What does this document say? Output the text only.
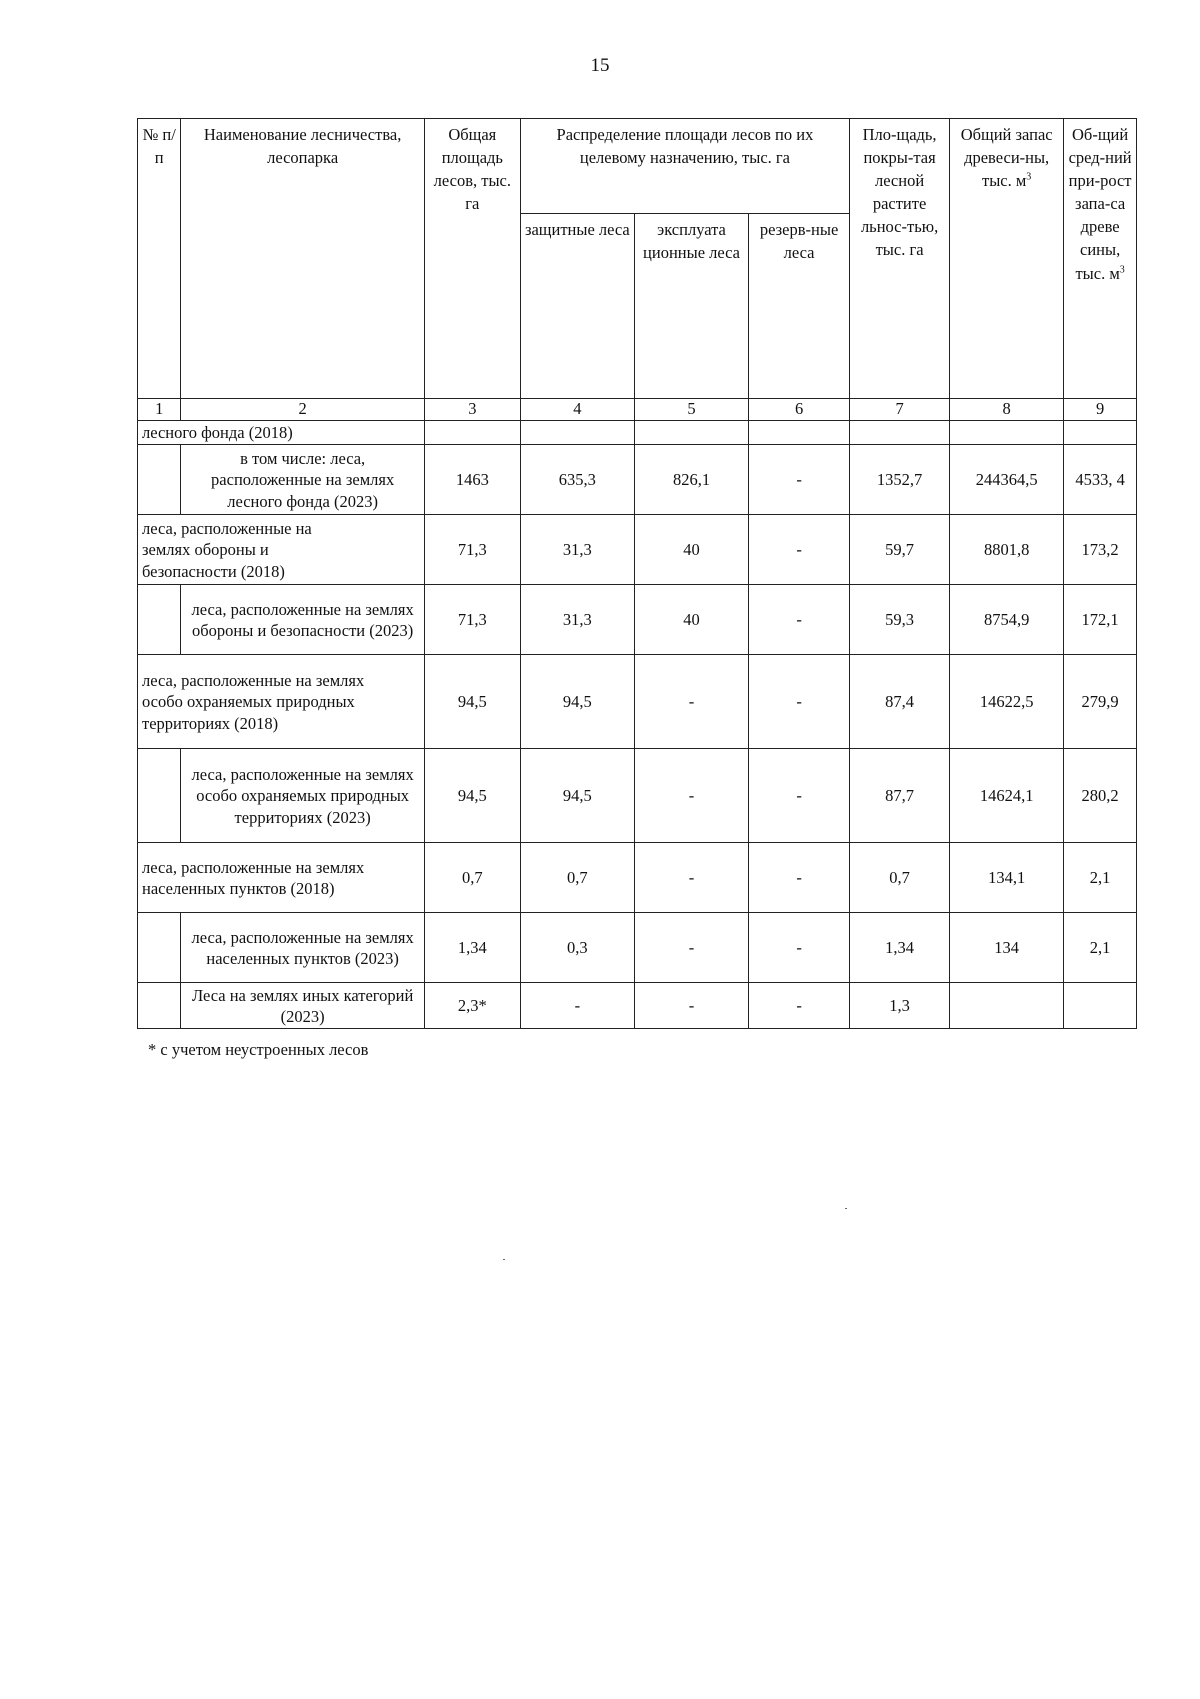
15
№ п/п	Наименование лесничества, лесопарка	Общая площадь лесов, тыс. га	Распределение площади лесов по их целевому назначению, тыс. га			Пло-щадь, покры-тая лесной растите льнос-тью, тыс. га	Общий запас древеси-ны, тыс. $м^3$	Об-щий сред-ний при-рост запа-са древе сины, тыс. $м^3$
			защитные леса	эксплуата ционные леса	резерв-ные леса			
1	2	3	4	5	6	7	8	9
лесного фонда (2018)								
	в том числе: леса, расположенные на землях лесного фонда (2023)	1463	635,3	826,1	-	1352,7	244364,5	4533, 4
леса, расположенные на землях обороны и безопасности (2018)		71,3	31,3	40	-	59,7	8801,8	173,2
	леса, расположенные на землях обороны и безопасности (2023)	71,3	31,3	40	-	59,3	8754,9	172,1
леса, расположенные на землях особо охраняемых природных территориях (2018)		94,5	94,5	-	-	87,4	14622,5	279,9
	леса, расположенные на землях особо охраняемых природных территориях (2023)	94,5	94,5	-	-	87,7	14624,1	280,2
леса, расположенные на землях населенных пунктов (2018)		0,7	0,7	-	-	0,7	134,1	2,1
	леса, расположенные на землях населенных пунктов (2023)	1,34	0,3	-	-	1,34	134	2,1
	Леса на землях иных категорий (2023)	2,3*	-	-	-	1,3		
* с учетом неустроенных лесов
